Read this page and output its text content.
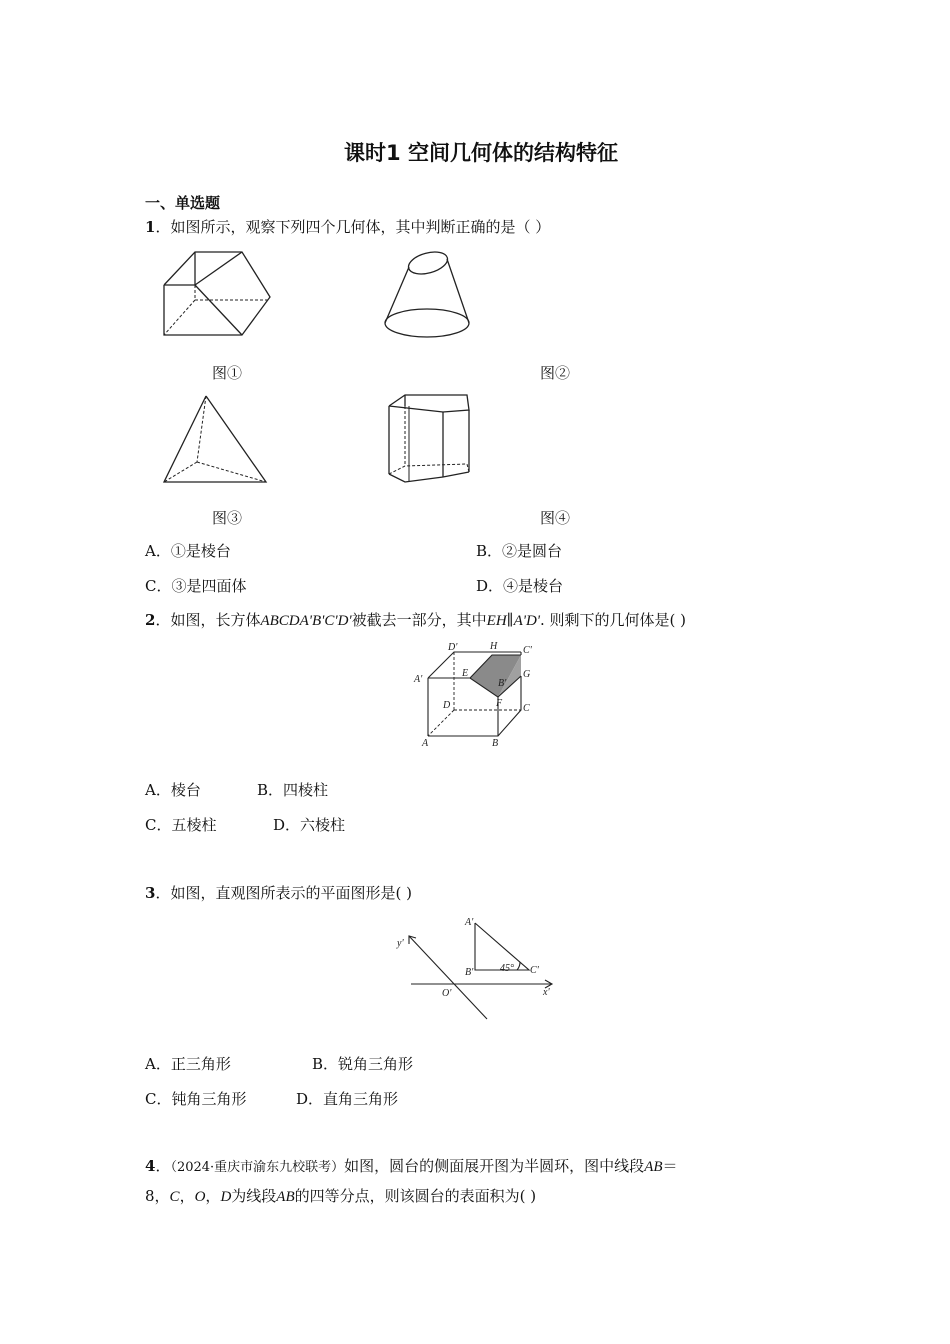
课时1 空间几何体的结构特征
一、单选题
1．如图所示，观察下列四个几何体，其中判断正确的是（ ）
图①	图②
图③	图④
A．①是棱台	B．②是圆台
C．③是四面体	D．④是棱台
2．如图，长方体ABCDA'B'C'D'被截去一部分，其中EH∥A'D'. 则剩下的几何体是( )
D'	H	C'
A'
E
B'
G
D	F C
A	B
A．棱台	B．四棱柱
C．五棱柱	D．六棱柱
3．如图，直观图所表示的平面图形是( )
A'
y'
B'	45° C'
O'	x'
A．正三角形	B．锐角三角形
C．钝角三角形	D．直角三角形
4．（2024·重庆市渝东九校联考）如图，圆台的侧面展开图为半圆环，图中线段AB＝
8，C，O，D为线段AB的四等分点，则该圆台的表面积为( )
